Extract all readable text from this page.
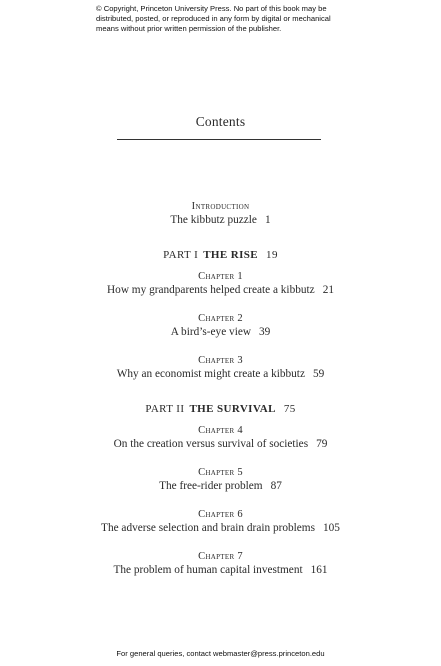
© Copyright, Princeton University Press. No part of this book may be
distributed, posted, or reproduced in any form by digital or mechanical
means without prior written permission of the publisher.
Contents
Introduction
The kibbutz puzzle 1
PART I THE RISE 19
Chapter 1
How my grandparents helped create a kibbutz 21
Chapter 2
A bird’s-eye view 39
Chapter 3
Why an economist might create a kibbutz 59
PART II THE SURVIVAL 75
Chapter 4
On the creation versus survival of societies 79
Chapter 5
The free-rider problem 87
Chapter 6
The adverse selection and brain drain problems 105
Chapter 7
The problem of human capital investment 161
For general queries, contact webmaster@press.princeton.edu
